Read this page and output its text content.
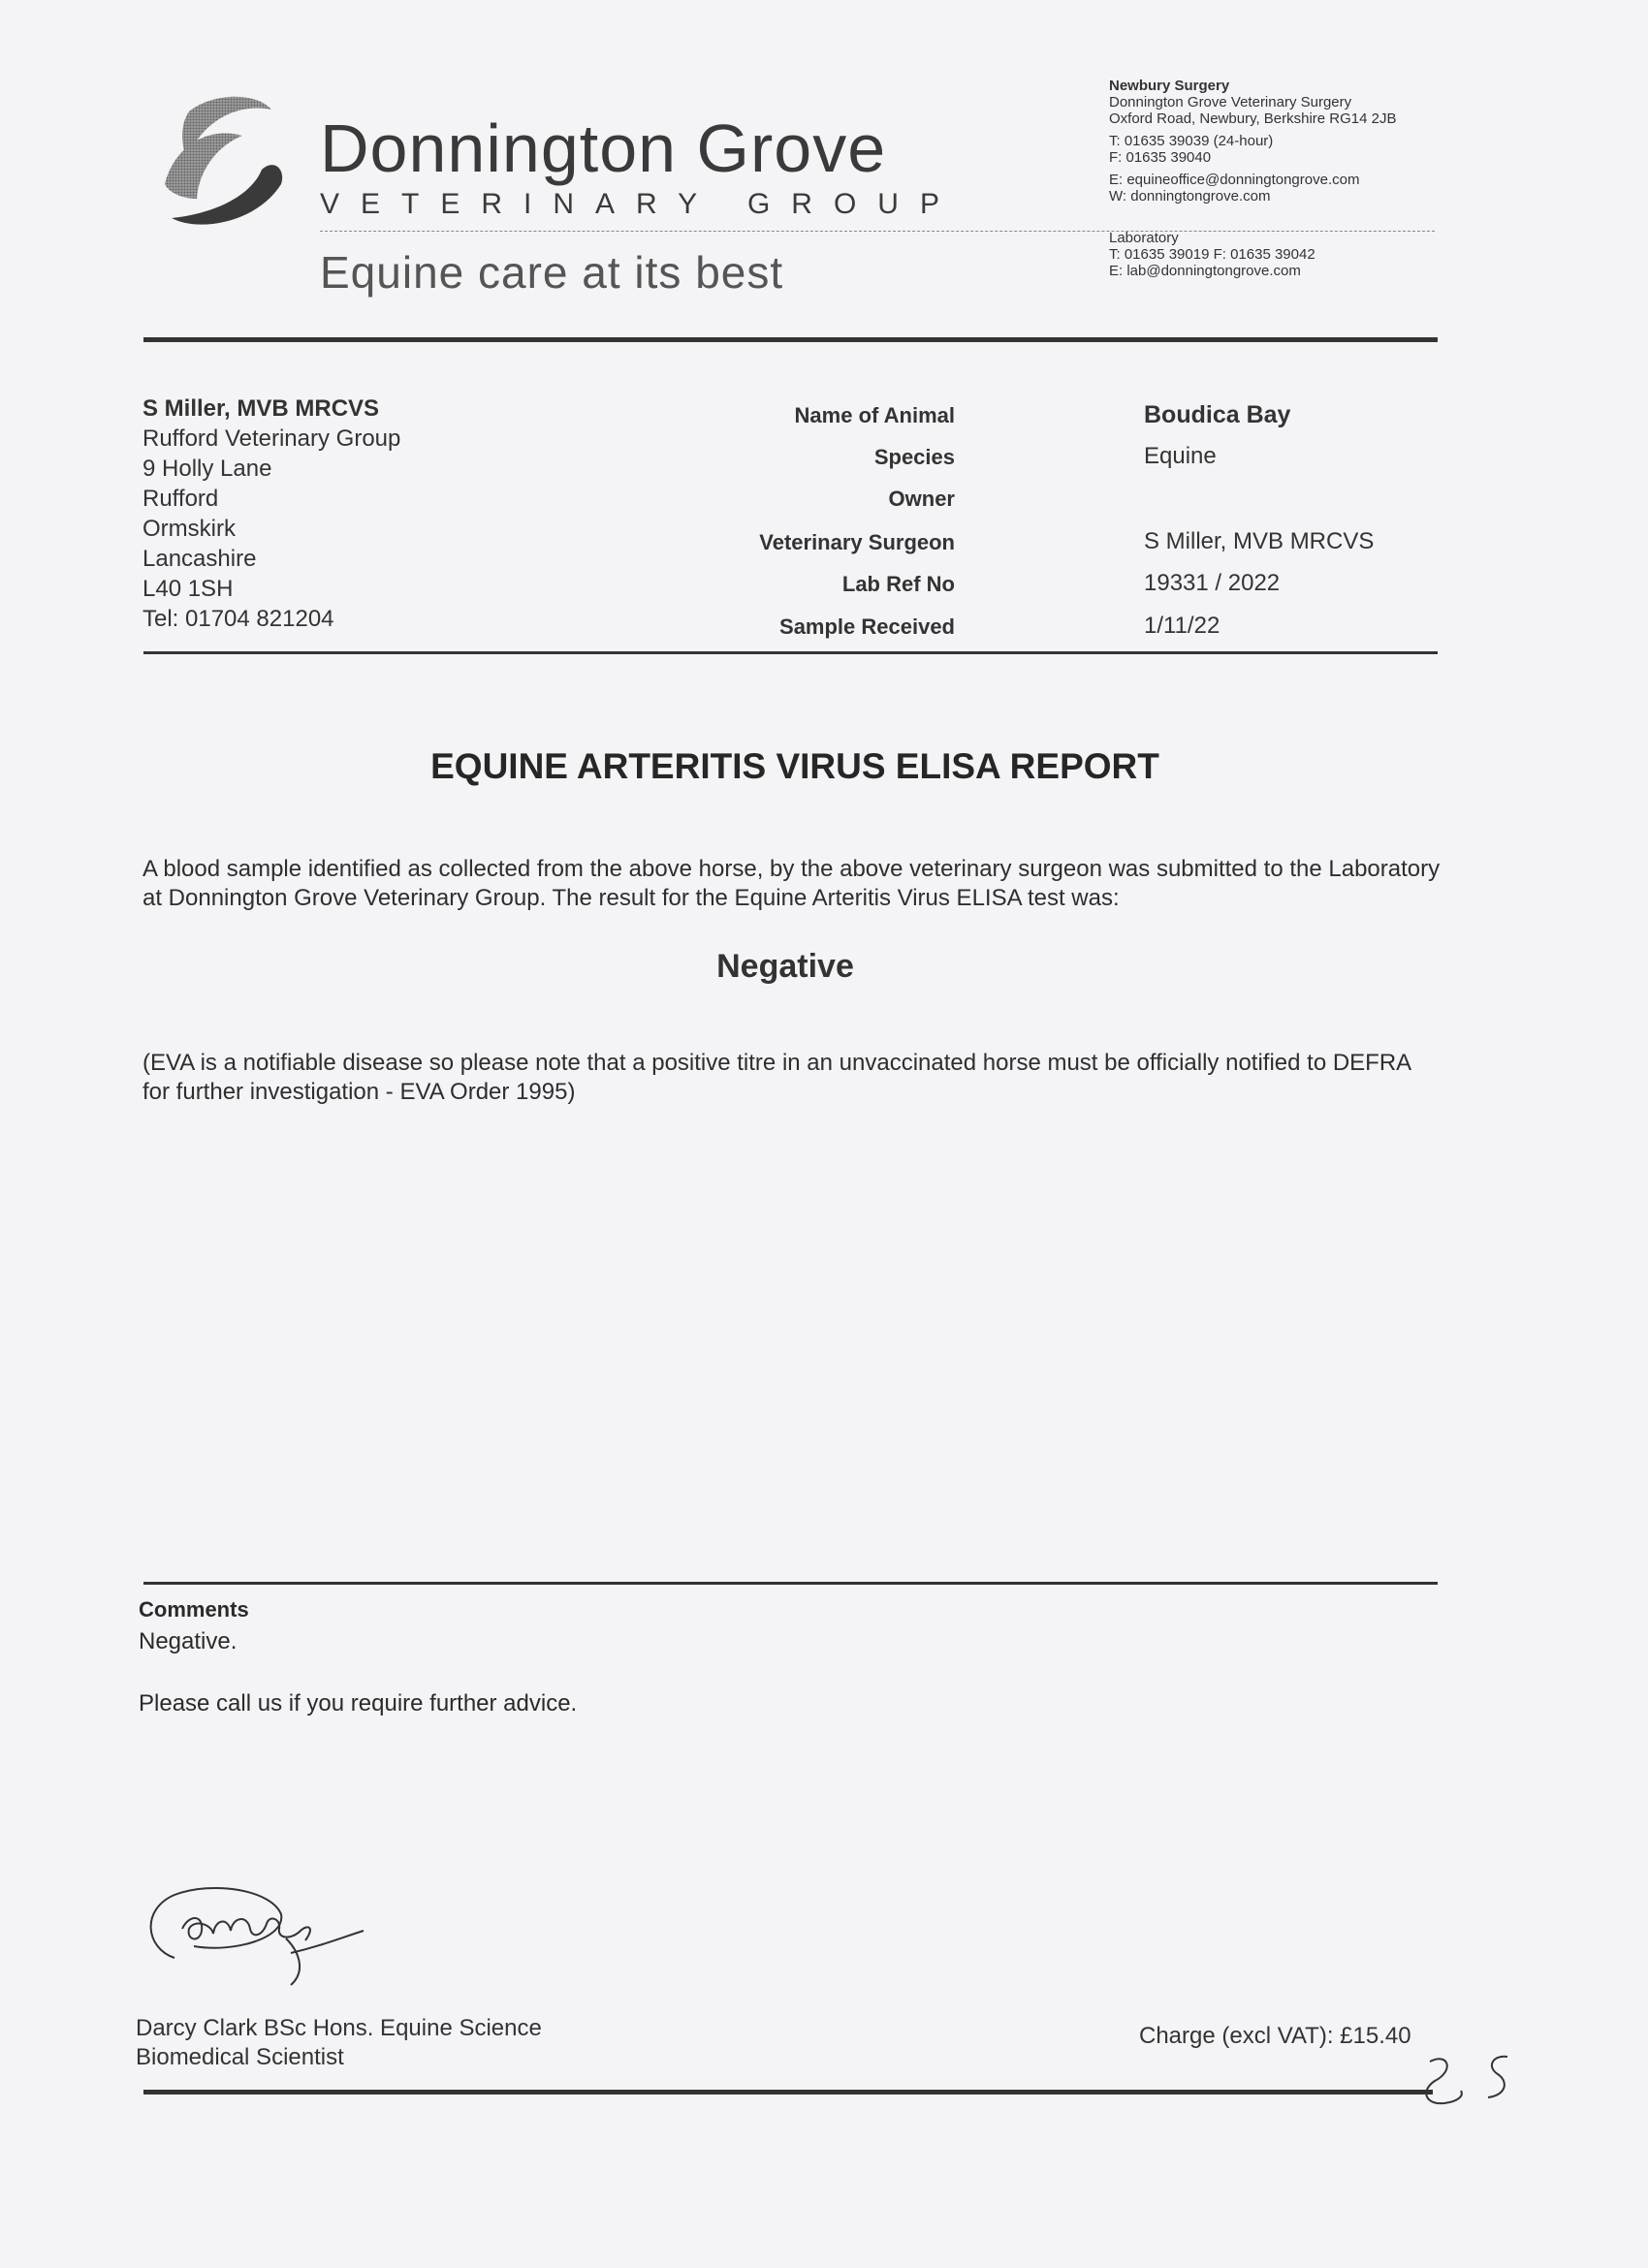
Donnington Grove
VETERINARY GROUP
Equine care at its best
Newbury Surgery
Donnington Grove Veterinary Surgery
Oxford Road, Newbury, Berkshire RG14 2JB
T: 01635 39039 (24-hour)
F: 01635 39040
E: equineoffice@donningtongrove.com
W: donningtongrove.com
Laboratory
T: 01635 39019 F: 01635 39042
E: lab@donningtongrove.com
S Miller, MVB MRCVS
Rufford Veterinary Group
9 Holly Lane
Rufford
Ormskirk
Lancashire
L40 1SH
Tel: 01704 821204
Name of Animal	Boudica Bay
Species	Equine
Owner
Veterinary Surgeon	S Miller, MVB MRCVS
Lab Ref No	19331 / 2022
Sample Received	1/11/22
EQUINE ARTERITIS VIRUS ELISA REPORT
A blood sample identified as collected from the above horse, by the above veterinary surgeon was submitted to the Laboratory at Donnington Grove Veterinary Group. The result for the Equine Arteritis Virus ELISA test was:
Negative
(EVA is a notifiable disease so please note that a positive titre in an unvaccinated horse must be officially notified to DEFRA for further investigation - EVA Order 1995)
Comments
Negative.
Please call us if you require further advice.
Darcy Clark BSc Hons. Equine Science
Biomedical Scientist
Charge (excl VAT): £15.40
